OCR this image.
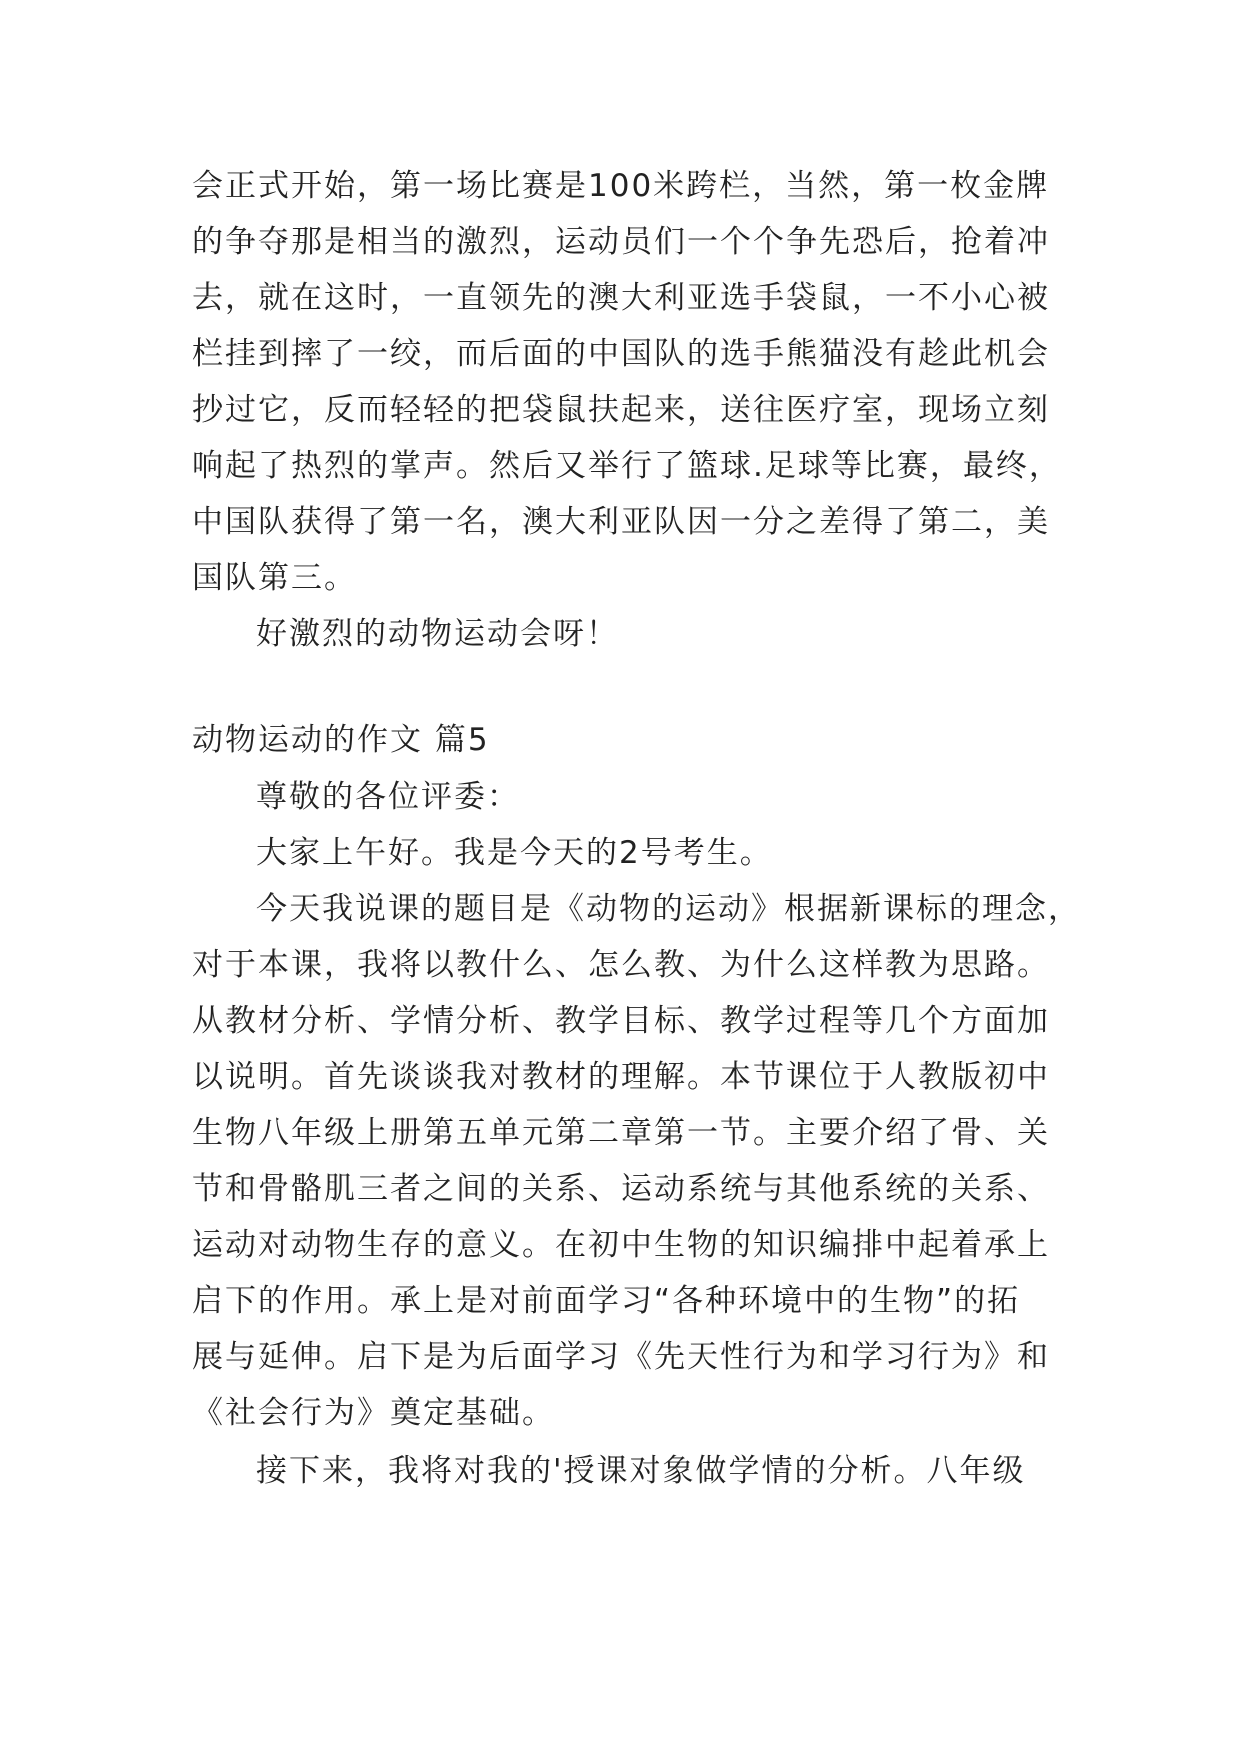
会正式开始，第一场比赛是100米跨栏，当然，第一枚金牌
的争夺那是相当的激烈，运动员们一个个争先恐后，抢着冲
去，就在这时，一直领先的澳大利亚选手袋鼠，一不小心被
栏挂到摔了一绞，而后面的中国队的选手熊猫没有趁此机会
抄过它，反而轻轻的把袋鼠扶起来，送往医疗室，现场立刻
响起了热烈的掌声。然后又举行了篮球.足球等比赛，最终，
中国队获得了第一名，澳大利亚队因一分之差得了第二，美
国队第三。
好激烈的动物运动会呀！
动物运动的作文 篇5
尊敬的各位评委：
大家上午好。我是今天的2号考生。
今天我说课的题目是《动物的运动》根据新课标的理念，
对于本课，我将以教什么、怎么教、为什么这样教为思路。
从教材分析、学情分析、教学目标、教学过程等几个方面加
以说明。首先谈谈我对教材的理解。本节课位于人教版初中
生物八年级上册第五单元第二章第一节。主要介绍了骨、关
节和骨骼肌三者之间的关系、运动系统与其他系统的关系、
运动对动物生存的意义。在初中生物的知识编排中起着承上
启下的作用。承上是对前面学习“各种环境中的生物”的拓
展与延伸。启下是为后面学习《先天性行为和学习行为》和
《社会行为》奠定基础。
接下来，我将对我的'授课对象做学情的分析。八年级
